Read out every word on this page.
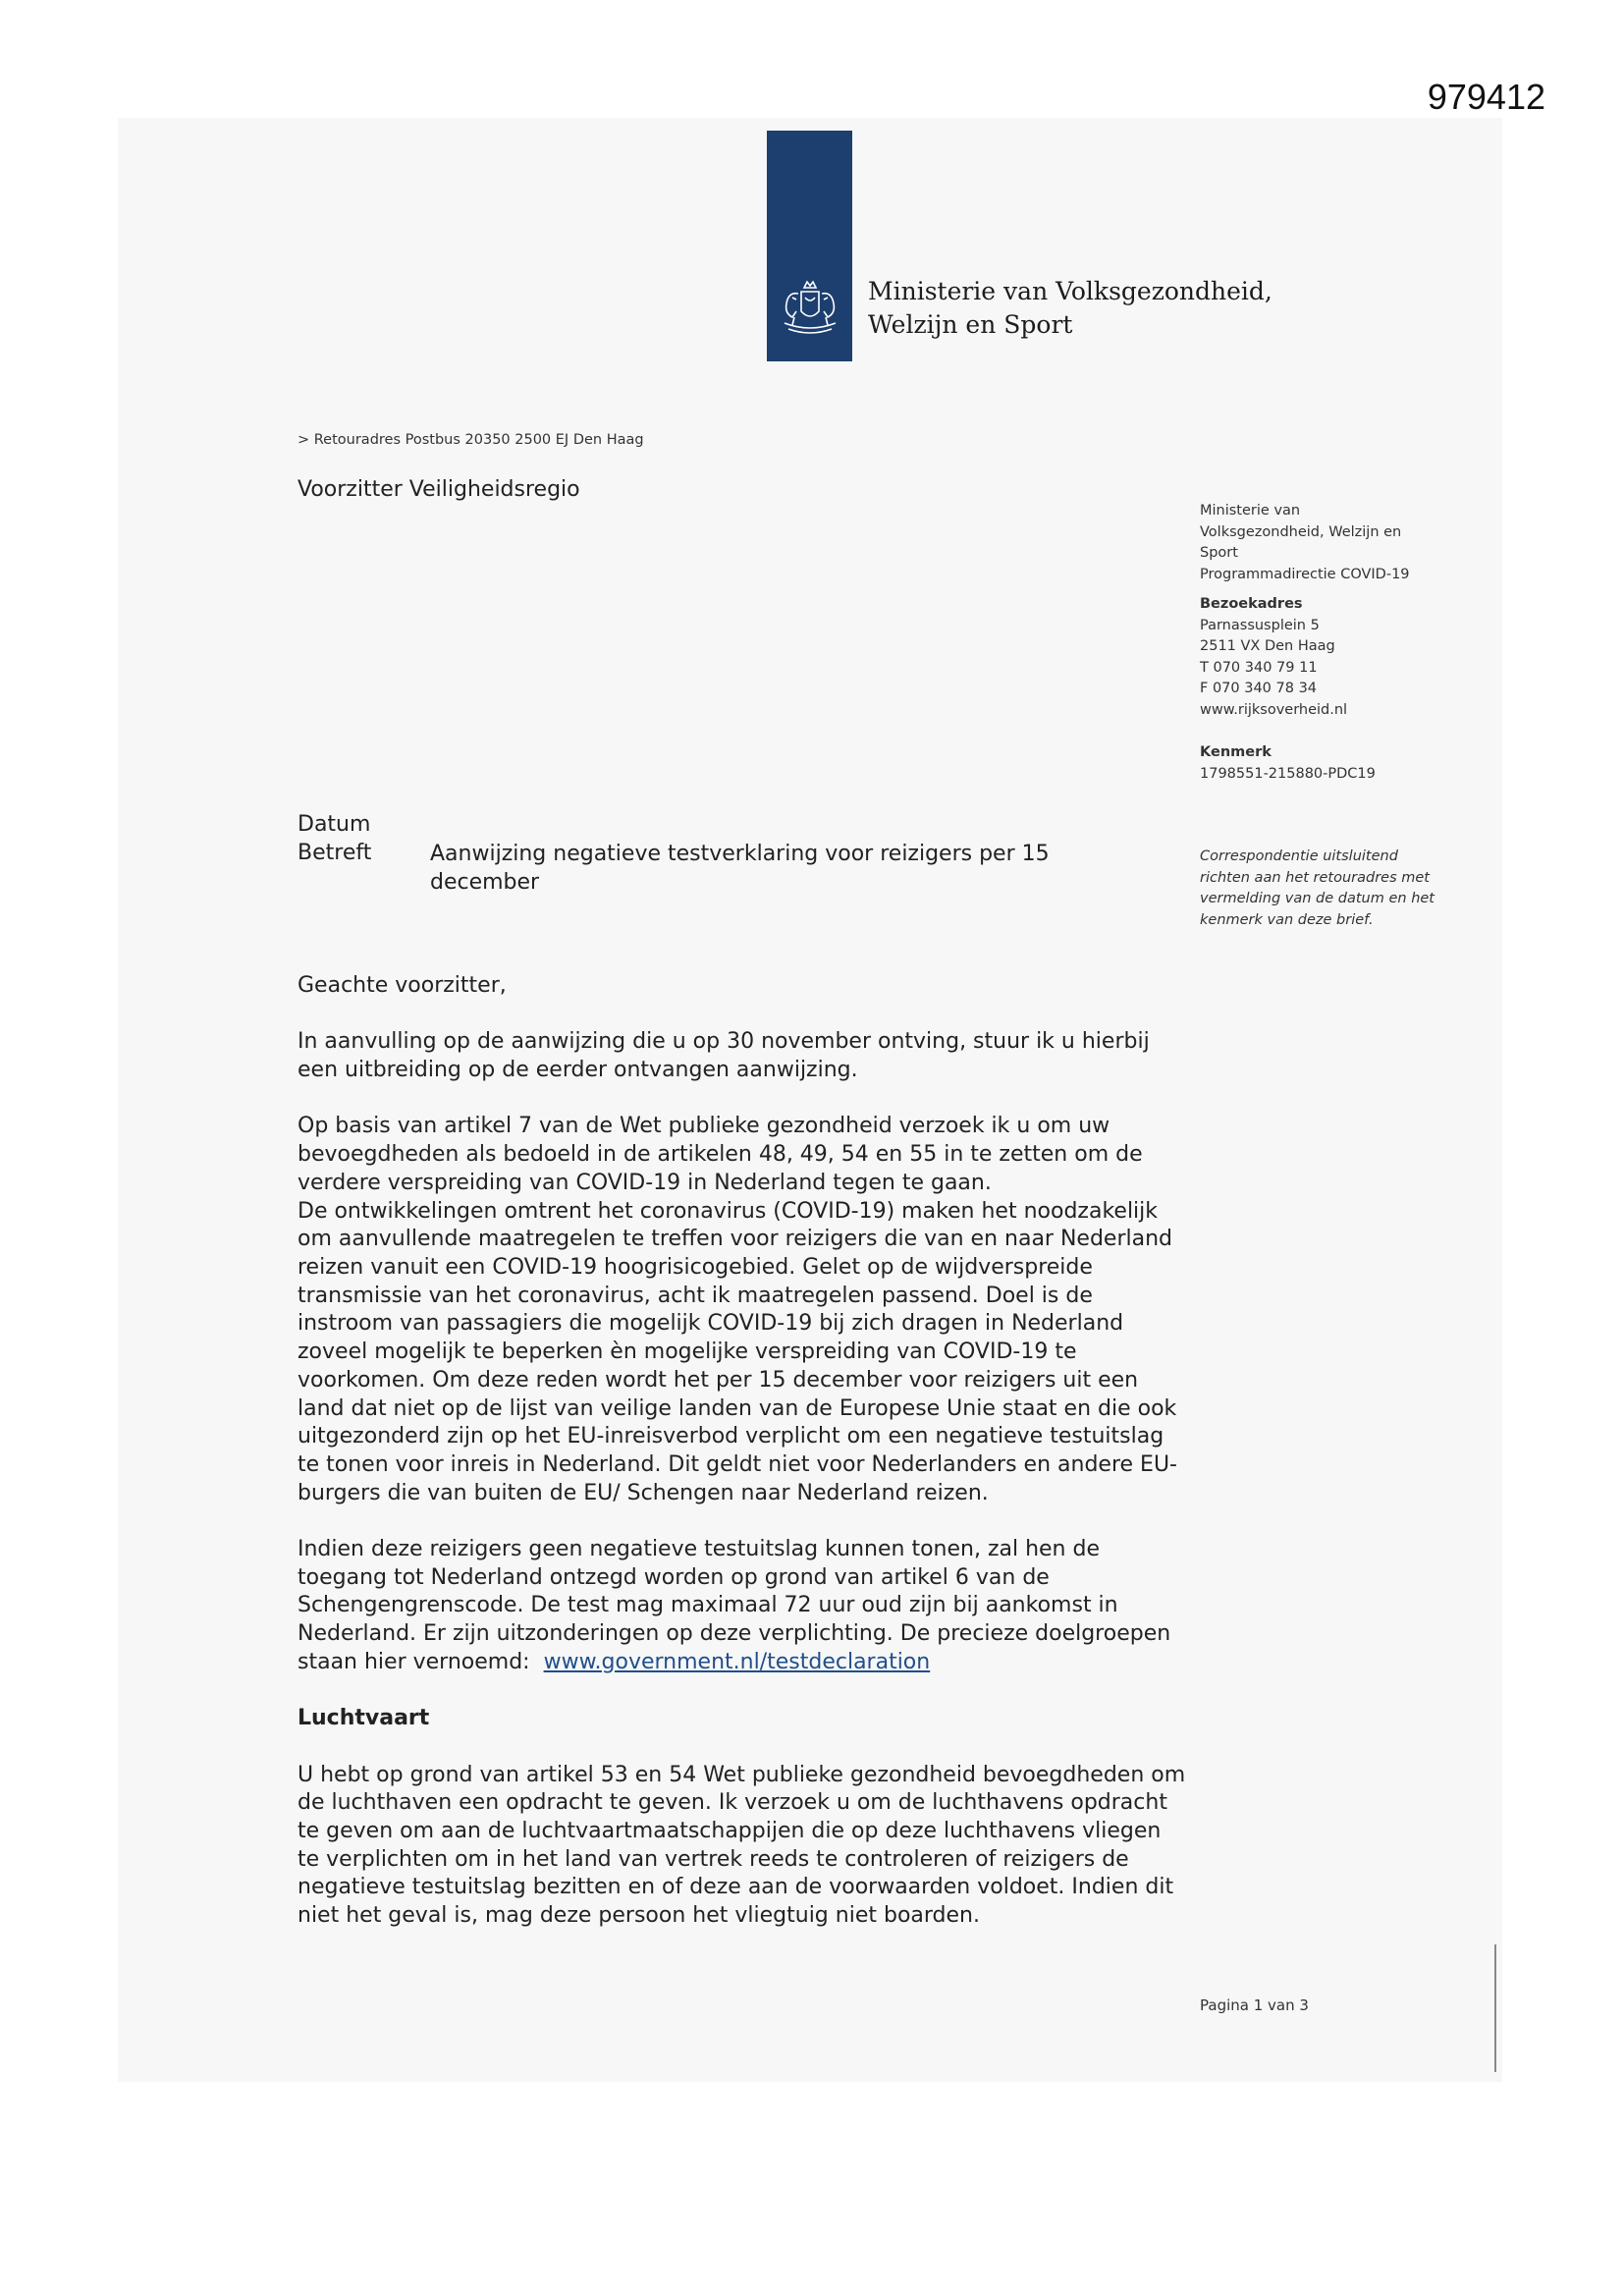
979412
Ministerie van Volksgezondheid,
Welzijn en Sport
> Retouradres Postbus 20350 2500 EJ Den Haag
Voorzitter Veiligheidsregio
Ministerie van
Volksgezondheid, Welzijn en
Sport
Programmadirectie COVID-19
Bezoekadres
Parnassusplein 5
2511 VX Den Haag
T 070 340 79 11
F 070 340 78 34
www.rijksoverheid.nl
Kenmerk
1798551-215880-PDC19
Correspondentie uitsluitend richten aan het retouradres met vermelding van de datum en het kenmerk van deze brief.
Datum
Betreft	Aanwijzing negatieve testverklaring voor reizigers per 15 december

Geachte voorzitter,

In aanvulling op de aanwijzing die u op 30 november ontving, stuur ik u hierbij een uitbreiding op de eerder ontvangen aanwijzing.

Op basis van artikel 7 van de Wet publieke gezondheid verzoek ik u om uw bevoegdheden als bedoeld in de artikelen 48, 49, 54 en 55 in te zetten om de verdere verspreiding van COVID-19 in Nederland tegen te gaan.

De ontwikkelingen omtrent het coronavirus (COVID-19) maken het noodzakelijk om aanvullende maatregelen te treffen voor reizigers die van en naar Nederland reizen vanuit een COVID-19 hoogrisicogebied. Gelet op de wijdverspreide transmissie van het coronavirus, acht ik maatregelen passend. Doel is de instroom van passagiers die mogelijk COVID-19 bij zich dragen in Nederland zoveel mogelijk te beperken èn mogelijke verspreiding van COVID-19 te voorkomen. Om deze reden wordt het per 15 december voor reizigers uit een land dat niet op de lijst van veilige landen van de Europese Unie staat en die ook uitgezonderd zijn op het EU-inreisverbod verplicht om een negatieve testuitslag te tonen voor inreis in Nederland. Dit geldt niet voor Nederlanders en andere EU-burgers die van buiten de EU/ Schengen naar Nederland reizen.

Indien deze reizigers geen negatieve testuitslag kunnen tonen, zal hen de toegang tot Nederland ontzegd worden op grond van artikel 6 van de Schengengrenscode. De test mag maximaal 72 uur oud zijn bij aankomst in Nederland. Er zijn uitzonderingen op deze verplichting. De precieze doelgroepen staan hier vernoemd: www.government.nl/testdeclaration

Luchtvaart

U hebt op grond van artikel 53 en 54 Wet publieke gezondheid bevoegdheden om de luchthaven een opdracht te geven. Ik verzoek u om de luchthavens opdracht te geven om aan de luchtvaartmaatschappijen die op deze luchthavens vliegen te verplichten om in het land van vertrek reeds te controleren of reizigers de negatieve testuitslag bezitten en of deze aan de voorwaarden voldoet. Indien dit niet het geval is, mag deze persoon het vliegtuig niet boarden.

Pagina 1 van 3
